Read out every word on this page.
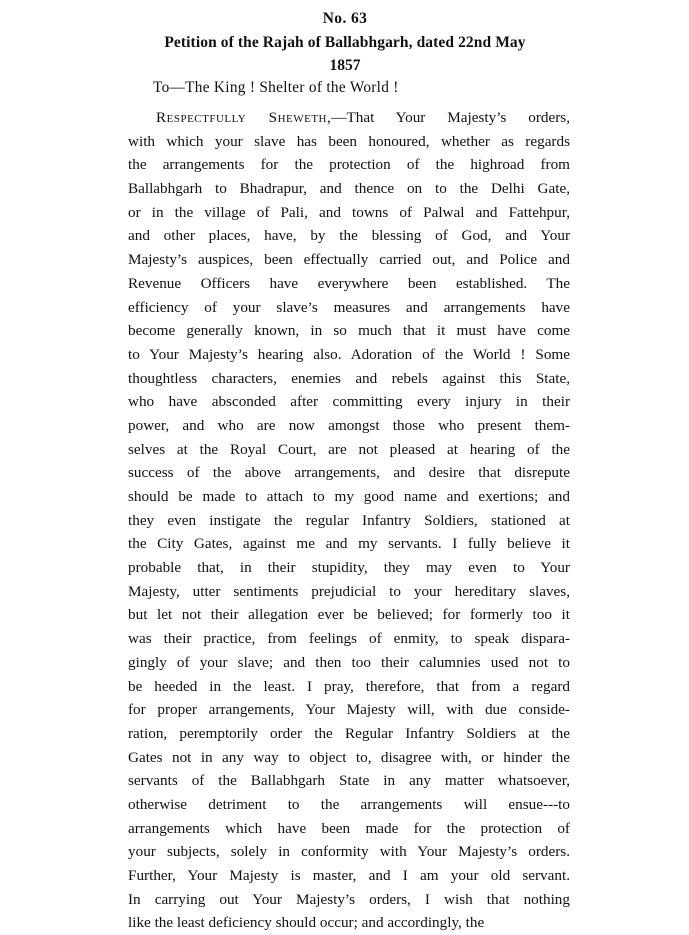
No. 63
Petition of the Rajah of Ballabhgarh, dated 22nd May
1857
To—The King ! Shelter of the World !
Respectfully Sheweth,—That Your Majesty’s orders,
with which your slave has been honoured, whether as regards
the arrangements for the protection of the highroad from
Ballabhgarh to Bhadrapur, and thence on to the Delhi Gate,
or in the village of Pali, and towns of Palwal and Fattehpur,
and other places, have, by the blessing of God, and Your
Majesty’s auspices, been effectually carried out, and Police and
Revenue Officers have everywhere been established. The
efficiency of your slave’s measures and arrangements have
become generally known, in so much that it must have come
to Your Majesty’s hearing also. Adoration of the World ! Some
thoughtless characters, enemies and rebels against this State,
who have absconded after committing every injury in their
power, and who are now amongst those who present them-
selves at the Royal Court, are not pleased at hearing of the
success of the above arrangements, and desire that disrepute
should be made to attach to my good name and exertions; and
they even instigate the regular Infantry Soldiers, stationed at
the City Gates, against me and my servants. I fully believe it
probable that, in their stupidity, they may even to Your
Majesty, utter sentiments prejudicial to your hereditary slaves,
but let not their allegation ever be believed; for formerly too it
was their practice, from feelings of enmity, to speak dispara-
gingly of your slave; and then too their calumnies used not to
be heeded in the least. I pray, therefore, that from a regard
for proper arrangements, Your Majesty will, with due conside-
ration, peremptorily order the Regular Infantry Soldiers at the
Gates not in any way to object to, disagree with, or hinder the
servants of the Ballabhgarh State in any matter whatsoever,
otherwise detriment to the arrangements will ensue---to
arrangements which have been made for the protection of
your subjects, solely in conformity with Your Majesty’s orders.
Further, Your Majesty is master, and I am your old servant.
In carrying out Your Majesty’s orders, I wish that nothing
like the least deficiency should occur; and accordingly, the
